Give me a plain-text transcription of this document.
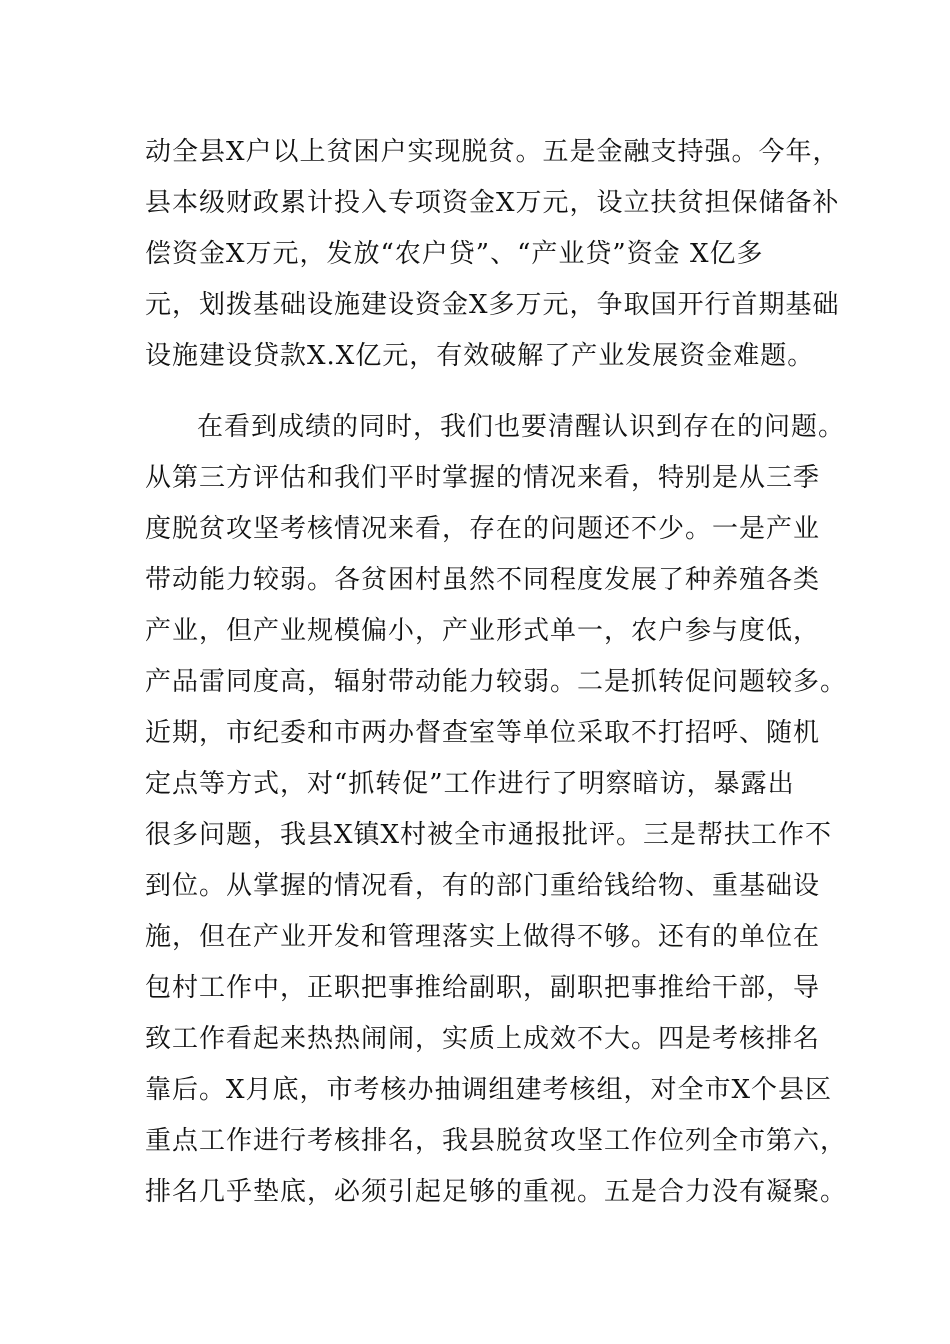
动全县X户以上贫困户实现脱贫。五是金融支持强。今年，

县本级财政累计投入专项资金X万元，设立扶贫担保储备补

偿资金X万元，发放“农户贷”、“产业贷”资金 X亿多

元，划拨基础设施建设资金X多万元，争取国开行首期基础

设施建设贷款X.X亿元，有效破解了产业发展资金难题。

在看到成绩的同时，我们也要清醒认识到存在的问题。

从第三方评估和我们平时掌握的情况来看，特别是从三季

度脱贫攻坚考核情况来看，存在的问题还不少。一是产业

带动能力较弱。各贫困村虽然不同程度发展了种养殖各类

产业，但产业规模偏小，产业形式单一，农户参与度低，

产品雷同度高，辐射带动能力较弱。二是抓转促问题较多。

近期，市纪委和市两办督查室等单位采取不打招呼、随机

定点等方式，对“抓转促”工作进行了明察暗访，暴露出

很多问题，我县X镇X村被全市通报批评。三是帮扶工作不

到位。从掌握的情况看，有的部门重给钱给物、重基础设

施，但在产业开发和管理落实上做得不够。还有的单位在

包村工作中，正职把事推给副职，副职把事推给干部，导

致工作看起来热热闹闹，实质上成效不大。四是考核排名

靠后。X月底，市考核办抽调组建考核组，对全市X个县区

重点工作进行考核排名，我县脱贫攻坚工作位列全市第六，

排名几乎垫底，必须引起足够的重视。五是合力没有凝聚。
